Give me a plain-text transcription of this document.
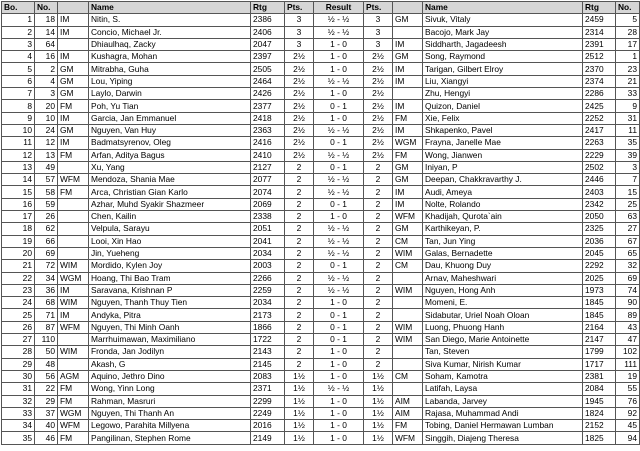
Bo.	No.		Name	Rtg	Pts.	Result	Pts.		Name	Rtg	No.
1	18	IM	Nitin, S.	2386	3	½ - ½	3	GM	Sivuk, Vitaly	2459	5
2	14	IM	Concio, Michael Jr.	2406	3	½ - ½	3		Bacojo, Mark Jay	2314	28
3	64		Dhiaulhaq, Zacky	2047	3	1 - 0	3	IM	Siddharth, Jagadeesh	2391	17
4	16	IM	Kushagra, Mohan	2397	2½	1 - 0	2½	GM	Song, Raymond	2512	1
5	2	GM	Mitrabha, Guha	2505	2½	1 - 0	2½	IM	Tarigan, Gilbert Elroy	2370	23
6	4	GM	Lou, Yiping	2464	2½	½ - ½	2½	IM	Liu, Xiangyi	2374	21
7	3	GM	Laylo, Darwin	2426	2½	1 - 0	2½		Zhu, Hengyi	2286	33
8	20	FM	Poh, Yu Tian	2377	2½	0 - 1	2½	IM	Quizon, Daniel	2425	9
9	10	IM	Garcia, Jan Emmanuel	2418	2½	1 - 0	2½	FM	Xie, Felix	2252	31
10	24	GM	Nguyen, Van Huy	2363	2½	½ - ½	2½	IM	Shkapenko, Pavel	2417	11
11	12	IM	Badmatsyrenov, Oleg	2416	2½	0 - 1	2½	WGM	Frayna, Janelle Mae	2263	35
12	13	FM	Arfan, Aditya Bagus	2410	2½	½ - ½	2½	FM	Wong, Jianwen	2229	39
13	49		Xu, Yang	2127	2	0 - 1	2	GM	Iniyan, P	2502	3
14	57	WFM	Mendoza, Shania Mae	2077	2	½ - ½	2	GM	Deepan, Chakkravarthy J.	2446	7
15	58	FM	Arca, Christian Gian Karlo	2074	2	½ - ½	2	IM	Audi, Ameya	2403	15
16	59		Azhar, Muhd Syakir Shazmeer	2069	2	0 - 1	2	IM	Nolte, Rolando	2342	25
17	26		Chen, Kailin	2338	2	1 - 0	2	WFM	Khadijah, Qurota`ain	2050	63
18	62		Velpula, Sarayu	2051	2	½ - ½	2	GM	Karthikeyan, P.	2325	27
19	66		Looi, Xin Hao	2041	2	½ - ½	2	CM	Tan, Jun Ying	2036	67
20	69		Jin, Yueheng	2034	2	½ - ½	2	WIM	Galas, Bernadette	2045	65
21	72	WIM	Mordido, Kylen Joy	2003	2	0 - 1	2	CM	Dau, Khuong Duy	2292	32
22	34	WGM	Hoang, Thi Bao Tram	2266	2	½ - ½	2		Arnav, Maheshwari	2025	69
23	36	IM	Saravana, Krishnan P	2259	2	½ - ½	2	WIM	Nguyen, Hong Anh	1973	74
24	68	WIM	Nguyen, Thanh Thuy Tien	2034	2	1 - 0	2		Momeni, E.	1845	90
25	71	IM	Andyka, Pitra	2173	2	0 - 1	2		Sidabutar, Uriel Noah Oloan	1845	89
26	87	WFM	Nguyen, Thi Minh Oanh	1866	2	0 - 1	2	WIM	Luong, Phuong Hanh	2164	43
27	110		Marrhuimawan, Maximiliano	1722	2	0 - 1	2	WIM	San Diego, Marie Antoinette	2147	47
28	50	WIM	Fronda, Jan Jodilyn	2143	2	1 - 0	2		Tan, Steven	1799	102
29	48		Akash, G	2145	2	1 - 0	2		Siva Kumar, Nirish Kumar	1717	111
30	56	AGM	Aquino, Jethro Dino	2083	1½	1 - 0	1½	CM	Soham, Kamotra	2381	19
31	22	FM	Wong, Yinn Long	2371	1½	½ - ½	1½		Latifah, Laysa	2084	55
32	29	FM	Rahman, Masruri	2299	1½	1 - 0	1½	AIM	Labanda, Jarvey	1945	76
33	37	WGM	Nguyen, Thi Thanh An	2249	1½	1 - 0	1½	AIM	Rajasa, Muhammad Andi	1824	92
34	40	WFM	Legowo, Parahita Millyena	2016	1½	1 - 0	1½	FM	Tobing, Daniel Hermawan Lumban	2152	45
35	46	FM	Pangilinan, Stephen Rome	2149	1½	1 - 0	1½	WFM	Singgih, Diajeng Theresa	1825	94
